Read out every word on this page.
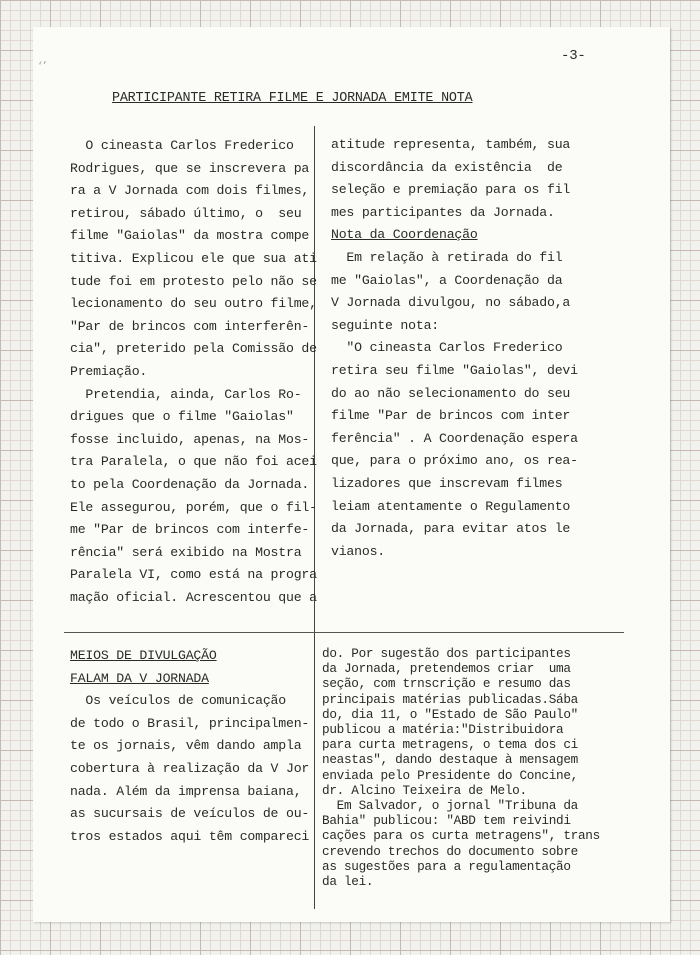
ʻʼ
-3-
PARTICIPANTE RETIRA FILME E JORNADA EMITE NOTA
O cineasta Carlos Frederico
Rodrigues, que se inscrevera pa
ra a V Jornada com dois filmes,
retirou, sábado último, o  seu
filme "Gaiolas" da mostra compe
titiva. Explicou ele que sua ati
tude foi em protesto pelo não se
lecionamento do seu outro filme,
"Par de brincos com interferên-
cia", preterido pela Comissão de
Premiação.
Pretendia, ainda, Carlos Ro-
drigues que o filme "Gaiolas"
fosse incluido, apenas, na Mos-
tra Paralela, o que não foi acei
to pela Coordenação da Jornada.
Ele assegurou, porém, que o fil-
me "Par de brincos com interfe-
rência" será exibido na Mostra
Paralela VI, como está na progra
mação oficial. Acrescentou que a
atitude representa, também, sua
discordância da existência  de
seleção e premiação para os fil
mes participantes da Jornada.
Nota da Coordenação
Em relação à retirada do fil
me "Gaiolas", a Coordenação da
V Jornada divulgou, no sábado,a
seguinte nota:
"O cineasta Carlos Frederico
retira seu filme "Gaiolas", devi
do ao não selecionamento do seu
filme "Par de brincos com inter
ferência" . A Coordenação espera
que, para o próximo ano, os rea-
lizadores que inscrevam filmes
leiam atentamente o Regulamento
da Jornada, para evitar atos le
vianos.
MEIOS DE DIVULGAÇÃO
FALAM DA V JORNADA
Os veículos de comunicação
de todo o Brasil, principalmen-
te os jornais, vêm dando ampla
cobertura à realização da V Jor
nada. Além da imprensa baiana,
as sucursais de veículos de ou-
tros estados aqui têm compareci
do. Por sugestão dos participantes
da Jornada, pretendemos criar  uma
seção, com trnscrição e resumo das
principais matérias publicadas.Sába
do, dia 11, o "Estado de São Paulo"
publicou a matéria:"Distribuidora
para curta metragens, o tema dos ci
neastas", dando destaque à mensagem
enviada pelo Presidente do Concine,
dr. Alcino Teixeira de Melo.
Em Salvador, o jornal "Tribuna da
Bahia" publicou: "ABD tem reivindi
cações para os curta metragens", trans
crevendo trechos do documento sobre
as sugestões para a regulamentação
da lei.
